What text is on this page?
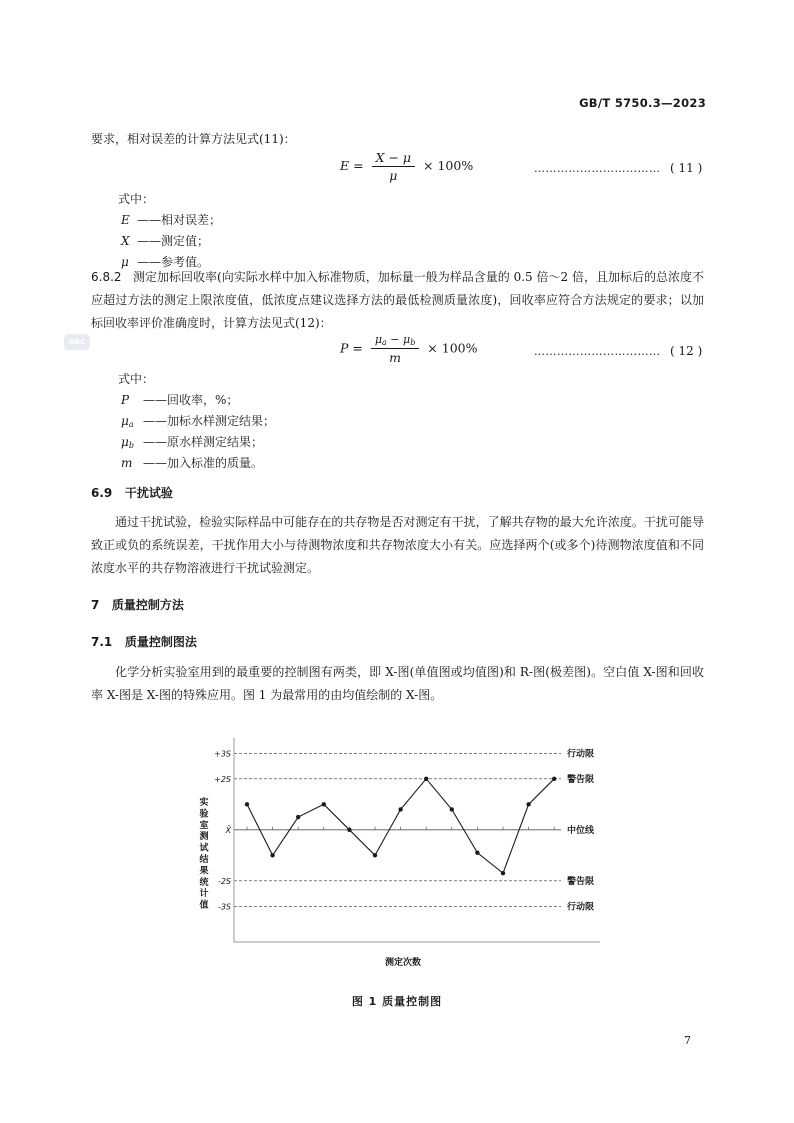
GB/T 5750.3—2023
sac
要求，相对误差的计算方法见式(11)：
$E = \frac{X - \mu}{\mu} \times 100\%$	…………………………… ( 11 )
式中：
E ——相对误差；
X ——测定值；
μ ——参考值。
6.8.2 测定加标回收率(向实际水样中加入标准物质，加标量一般为样品含量的 0.5 倍～2 倍，且加标后的总浓度不应超过方法的测定上限浓度值，低浓度点建议选择方法的最低检测质量浓度)，回收率应符合方法规定的要求；以加标回收率评价准确度时，计算方法见式(12)：
$P = \frac{\mu_a - \mu_b}{m} \times 100\%$	…………………………… ( 12 )
式中：
P ——回收率，%；
$\mu_a$ ——加标水样测定结果；
$\mu_b$ ——原水样测定结果；
m ——加入标准的质量。
6.9 干扰试验
通过干扰试验，检验实际样品中可能存在的共存物是否对测定有干扰，了解共存物的最大允许浓度。干扰可能导致正或负的系统误差，干扰作用大小与待测物浓度和共存物浓度大小有关。应选择两个(或多个)待测物浓度值和不同浓度水平的共存物溶液进行干扰试验测定。
7 质量控制方法
7.1 质量控制图法
化学分析实验室用到的最重要的控制图有两类，即 X-图(单值图或均值图)和 R-图(极差图)。空白值 X-图和回收率 X-图是 X-图的特殊应用。图 1 为最常用的由均值绘制的 X-图。
实
验
室
测
试
结
果
统
计
值
+3S	行动限
+2S	警告限
X̄	中位线
-2S	警告限
-3S	行动限
测定次数
图 1 质量控制图
7
